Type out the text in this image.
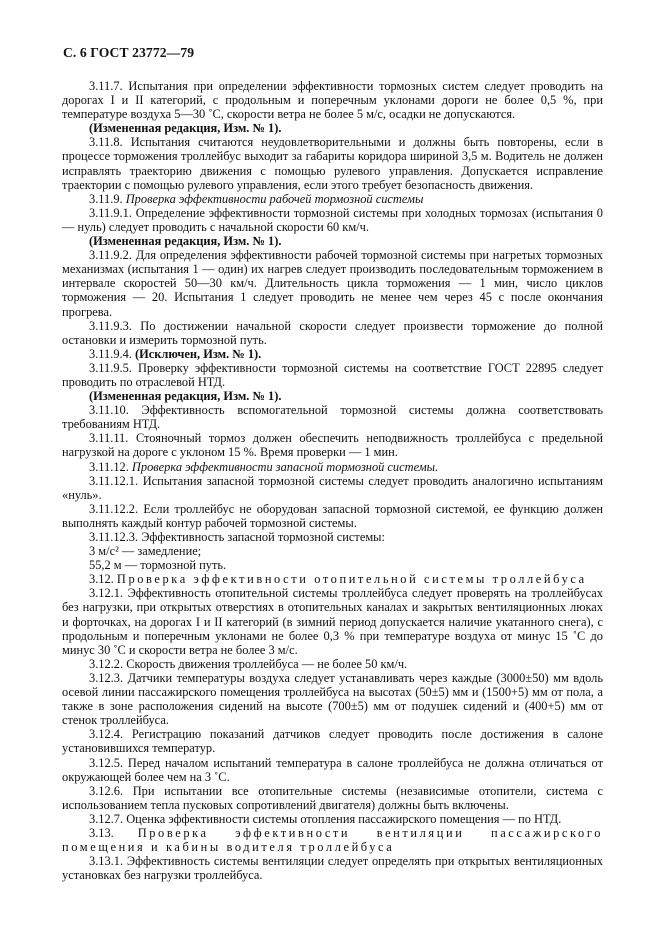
С. 6 ГОСТ 23772—79

3.11.7. Испытания при определении эффективности тормозных систем следует проводить на дорогах I и II категорий, с продольным и поперечным уклонами дороги не более 0,5 %, при температуре воздуха 5—30 ˚С, скорости ветра не более 5 м/с, осадки не допускаются.

(Измененная редакция, Изм. № 1).

3.11.8. Испытания считаются неудовлетворительными и должны быть повторены, если в процессе торможения троллейбус выходит за габариты коридора шириной 3,5 м. Водитель не должен исправлять траекторию движения с помощью рулевого управления. Допускается исправление траектории с помощью рулевого управления, если этого требует безопасность движения.

3.11.9. Проверка эффективности рабочей тормозной системы

3.11.9.1. Определение эффективности тормозной системы при холодных тормозах (испытания 0 — нуль) следует проводить с начальной скорости 60 км/ч.

(Измененная редакция, Изм. № 1).

3.11.9.2. Для определения эффективности рабочей тормозной системы при нагретых тормозных механизмах (испытания 1 — один) их нагрев следует производить последовательным торможением в интервале скоростей 50—30 км/ч. Длительность цикла торможения — 1 мин, число циклов торможения — 20. Испытания 1 следует проводить не менее чем через 45 с после окончания прогрева.

3.11.9.3. По достижении начальной скорости следует произвести торможение до полной остановки и измерить тормозной путь.

3.11.9.4. (Исключен, Изм. № 1).

3.11.9.5. Проверку эффективности тормозной системы на соответствие ГОСТ 22895 следует проводить по отраслевой НТД.

(Измененная редакция, Изм. № 1).

3.11.10. Эффективность вспомогательной тормозной системы должна соответствовать требованиям НТД.

3.11.11. Стояночный тормоз должен обеспечить неподвижность троллейбуса с предельной нагрузкой на дороге с уклоном 15 %. Время проверки — 1 мин.

3.11.12. Проверка эффективности запасной тормозной системы.

3.11.12.1. Испытания запасной тормозной системы следует проводить аналогично испытаниям «нуль».

3.11.12.2. Если троллейбус не оборудован запасной тормозной системой, ее функцию должен выполнять каждый контур рабочей тормозной системы.

3.11.12.3. Эффективность запасной тормозной системы:

3 м/с² — замедление;

55,2 м — тормозной путь.

3.12. Проверка эффективности отопительной системы троллейбуса

3.12.1. Эффективность отопительной системы троллейбуса следует проверять на троллейбусах без нагрузки, при открытых отверстиях в отопительных каналах и закрытых вентиляционных люках и форточках, на дорогах I и II категорий (в зимний период допускается наличие укатанного снега), с продольным и поперечным уклонами не более 0,3 % при температуре воздуха от минус 15 ˚С до минус 30 ˚С и скорости ветра не более 3 м/с.

3.12.2. Скорость движения троллейбуса — не более 50 км/ч.

3.12.3. Датчики температуры воздуха следует устанавливать через каждые (3000±50) мм вдоль осевой линии пассажирского помещения троллейбуса на высотах (50±5) мм и (1500+5) мм от пола, а также в зоне расположения сидений на высоте (700±5) мм от подушек сидений и (400+5) мм от стенок троллейбуса.

3.12.4. Регистрацию показаний датчиков следует проводить после достижения в салоне установившихся температур.

3.12.5. Перед началом испытаний температура в салоне троллейбуса не должна отличаться от окружающей более чем на 3 ˚С.

3.12.6. При испытании все отопительные системы (независимые отопители, система с использованием тепла пусковых сопротивлений двигателя) должны быть включены.

3.12.7. Оценка эффективности системы отопления пассажирского помещения — по НТД.

3.13. Проверка эффективности вентиляции пассажирского помещения и кабины водителя троллейбуса

3.13.1. Эффективность системы вентиляции следует определять при открытых вентиляционных установках без нагрузки троллейбуса.
